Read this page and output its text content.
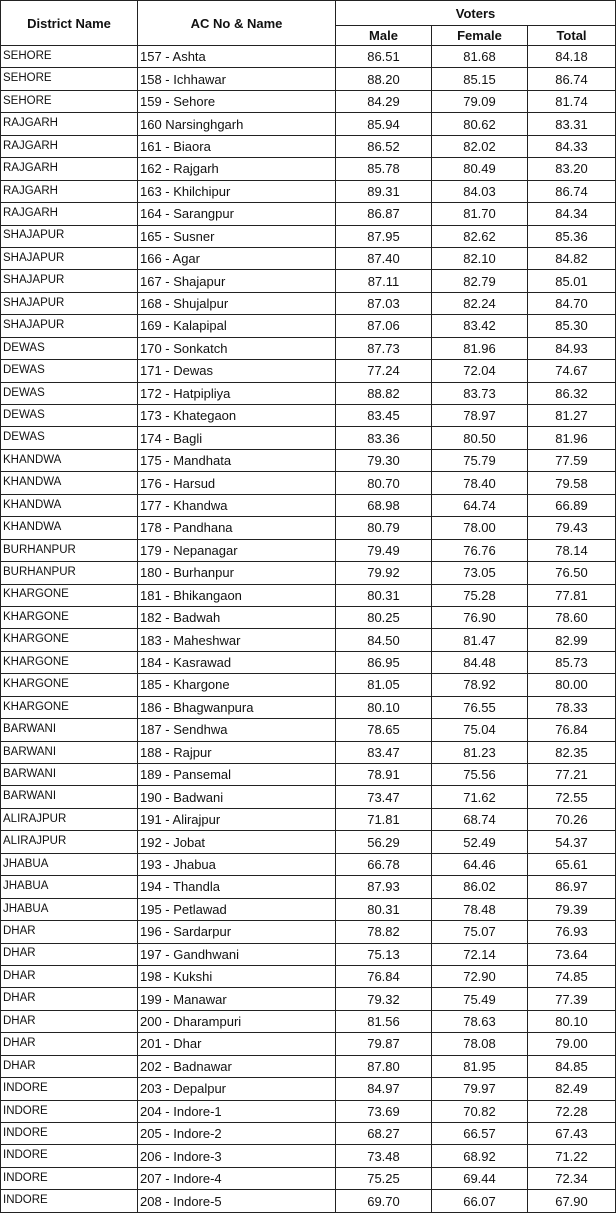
District Name	AC No & Name	Voters		
		Male	Female	Total
SEHORE	157 - Ashta	86.51	81.68	84.18
SEHORE	158 - Ichhawar	88.20	85.15	86.74
SEHORE	159 - Sehore	84.29	79.09	81.74
RAJGARH	160 Narsinghgarh	85.94	80.62	83.31
RAJGARH	161 - Biaora	86.52	82.02	84.33
RAJGARH	162 - Rajgarh	85.78	80.49	83.20
RAJGARH	163 - Khilchipur	89.31	84.03	86.74
RAJGARH	164 - Sarangpur	86.87	81.70	84.34
SHAJAPUR	165 - Susner	87.95	82.62	85.36
SHAJAPUR	166 - Agar	87.40	82.10	84.82
SHAJAPUR	167 - Shajapur	87.11	82.79	85.01
SHAJAPUR	168 - Shujalpur	87.03	82.24	84.70
SHAJAPUR	169 - Kalapipal	87.06	83.42	85.30
DEWAS	170 - Sonkatch	87.73	81.96	84.93
DEWAS	171 - Dewas	77.24	72.04	74.67
DEWAS	172 - Hatpipliya	88.82	83.73	86.32
DEWAS	173 - Khategaon	83.45	78.97	81.27
DEWAS	174 - Bagli	83.36	80.50	81.96
KHANDWA	175 - Mandhata	79.30	75.79	77.59
KHANDWA	176 - Harsud	80.70	78.40	79.58
KHANDWA	177 - Khandwa	68.98	64.74	66.89
KHANDWA	178 - Pandhana	80.79	78.00	79.43
BURHANPUR	179 - Nepanagar	79.49	76.76	78.14
BURHANPUR	180 - Burhanpur	79.92	73.05	76.50
KHARGONE	181 - Bhikangaon	80.31	75.28	77.81
KHARGONE	182 - Badwah	80.25	76.90	78.60
KHARGONE	183 - Maheshwar	84.50	81.47	82.99
KHARGONE	184 - Kasrawad	86.95	84.48	85.73
KHARGONE	185 - Khargone	81.05	78.92	80.00
KHARGONE	186 - Bhagwanpura	80.10	76.55	78.33
BARWANI	187 - Sendhwa	78.65	75.04	76.84
BARWANI	188 - Rajpur	83.47	81.23	82.35
BARWANI	189 - Pansemal	78.91	75.56	77.21
BARWANI	190 - Badwani	73.47	71.62	72.55
ALIRAJPUR	191 - Alirajpur	71.81	68.74	70.26
ALIRAJPUR	192 - Jobat	56.29	52.49	54.37
JHABUA	193 - Jhabua	66.78	64.46	65.61
JHABUA	194 - Thandla	87.93	86.02	86.97
JHABUA	195 - Petlawad	80.31	78.48	79.39
DHAR	196 - Sardarpur	78.82	75.07	76.93
DHAR	197 - Gandhwani	75.13	72.14	73.64
DHAR	198 - Kukshi	76.84	72.90	74.85
DHAR	199 - Manawar	79.32	75.49	77.39
DHAR	200 - Dharampuri	81.56	78.63	80.10
DHAR	201 - Dhar	79.87	78.08	79.00
DHAR	202 - Badnawar	87.80	81.95	84.85
INDORE	203 - Depalpur	84.97	79.97	82.49
INDORE	204 - Indore-1	73.69	70.82	72.28
INDORE	205 - Indore-2	68.27	66.57	67.43
INDORE	206 - Indore-3	73.48	68.92	71.22
INDORE	207 - Indore-4	75.25	69.44	72.34
INDORE	208 - Indore-5	69.70	66.07	67.90
